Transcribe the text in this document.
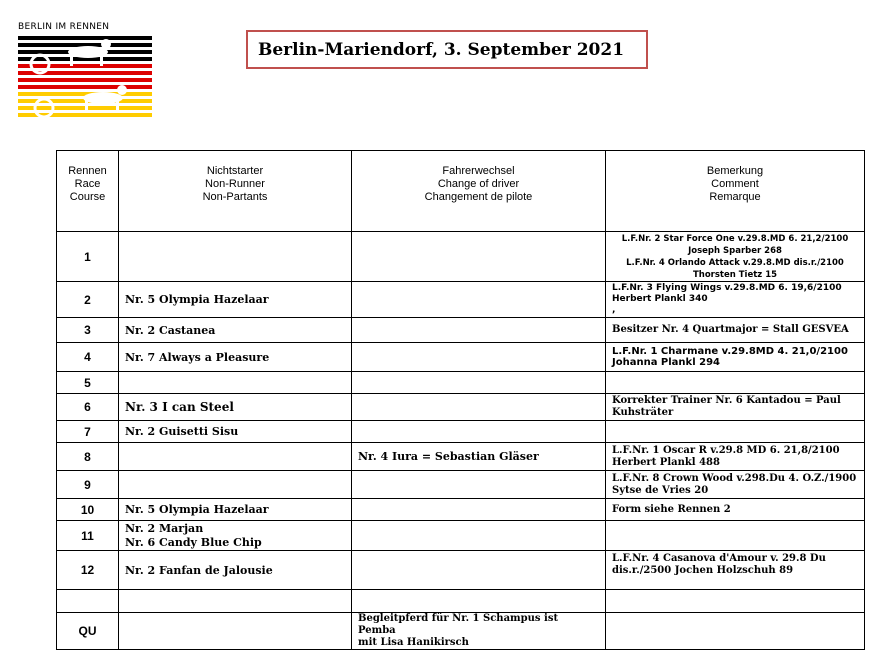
BERLIN IM RENNEN
Berlin-Mariendorf, 3. September 2021
Rennen
Race
Course	Nichtstarter
Non-Runner
Non-Partants	Fahrerwechsel
Change of driver
Changement de pilote	Bemerkung
Comment
Remarque

1			L.F.Nr. 2 Star Force One v.29.8.MD 6. 21,2/2100
Joseph Sparber 268
L.F.Nr. 4 Orlando Attack v.29.8.MD dis.r./2100
Thorsten Tietz 15

2	Nr. 5 Olympia Hazelaar		L.F.Nr. 3 Flying Wings v.29.8.MD 6. 19,6/2100
Herbert Plankl 340
,

3	Nr. 2 Castanea		Besitzer Nr. 4 Quartmajor = Stall GESVEA

4	Nr. 7 Always a Pleasure		L.F.Nr. 1 Charmane v.29.8MD 4. 21,0/2100
Johanna Plankl 294

5			
6	Nr. 3 I can Steel		Korrekter Trainer Nr. 6 Kantadou = Paul
Kuhsträter

7	Nr. 2 Guisetti Sisu		

8		Nr. 4 Iura = Sebastian Gläser	L.F.Nr. 1 Oscar R v.29.8 MD 6. 21,8/2100
Herbert Plankl 488

9			L.F.Nr. 8 Crown Wood v.298.Du 4. O.Z./1900
Sytse de Vries 20

10	Nr. 5 Olympia Hazelaar		Form siehe Rennen 2

11	Nr. 2 Marjan
Nr. 6 Candy Blue Chip		

12	Nr. 2 Fanfan de Jalousie		L.F.Nr. 4 Casanova d'Amour v. 29.8 Du
dis.r./2500 Jochen Holzschuh 89

QU		Begleitpferd für Nr. 1 Schampus ist Pemba
mit Lisa Hanikirsch	
